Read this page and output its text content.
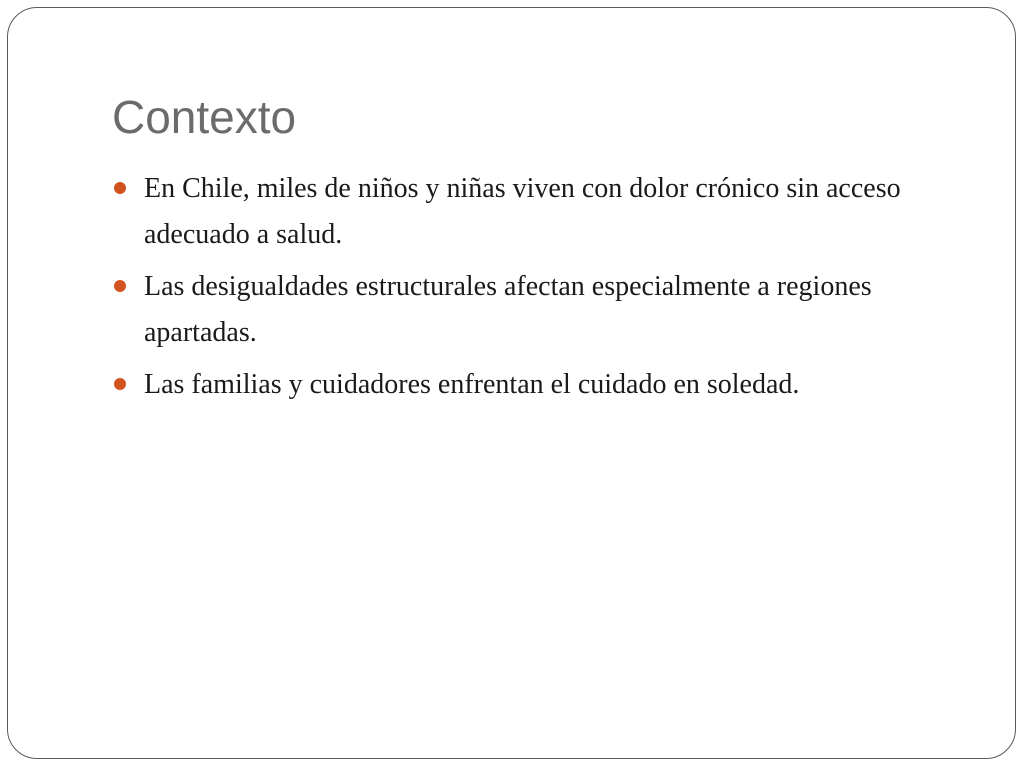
Contexto
En Chile, miles de niños y niñas viven con dolor crónico sin acceso adecuado a salud.
Las desigualdades estructurales afectan especialmente a regiones apartadas.
Las familias y cuidadores enfrentan el cuidado en soledad.
